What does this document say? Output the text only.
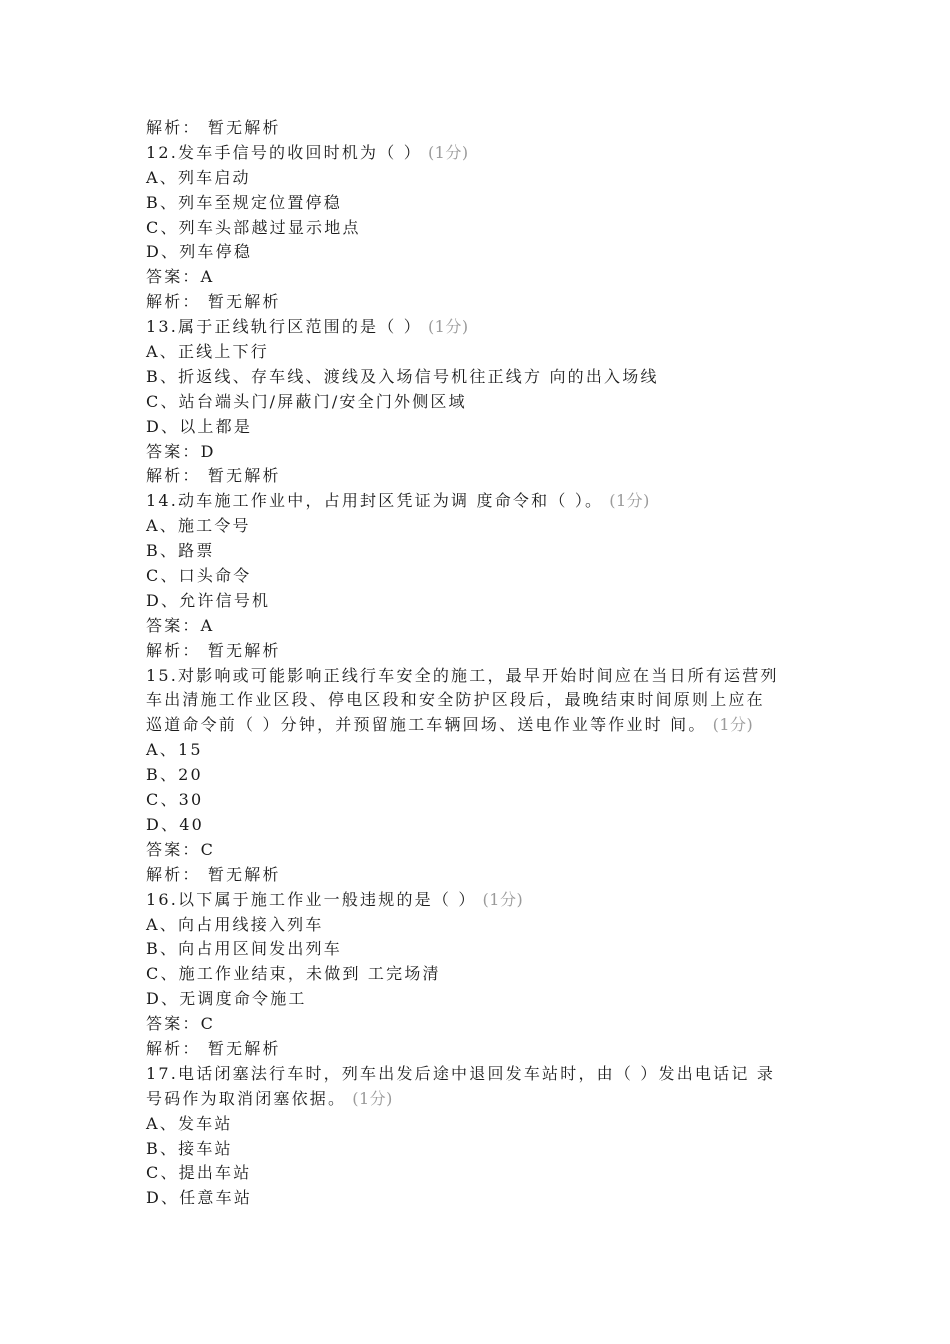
解析： 暂无解析
12.发车手信号的收回时机为（ ） (1分)
A、列车启动
B、列车至规定位置停稳
C、列车头部越过显示地点
D、列车停稳
答案：A
解析： 暂无解析
13.属于正线轨行区范围的是（ ） (1分)
A、正线上下行
B、折返线、存车线、渡线及入场信号机往正线方 向的出入场线
C、站台端头门/屏蔽门/安全门外侧区域
D、以上都是
答案：D
解析： 暂无解析
14.动车施工作业中，占用封区凭证为调 度命令和（ ）。 (1分)
A、施工令号
B、路票
C、口头命令
D、允许信号机
答案：A
解析： 暂无解析
15.对影响或可能影响正线行车安全的施工，最早开始时间应在当日所有运营列
车出清施工作业区段、停电区段和安全防护区段后，最晚结束时间原则上应在
巡道命令前（ ）分钟，并预留施工车辆回场、送电作业等作业时 间。 (1分)
A、15
B、20
C、30
D、40
答案：C
解析： 暂无解析
16.以下属于施工作业一般违规的是（ ） (1分)
A、向占用线接入列车
B、向占用区间发出列车
C、施工作业结束，未做到 工完场清
D、无调度命令施工
答案：C
解析： 暂无解析
17.电话闭塞法行车时，列车出发后途中退回发车站时，由（ ）发出电话记 录
号码作为取消闭塞依据。 (1分)
A、发车站
B、接车站
C、提出车站
D、任意车站
